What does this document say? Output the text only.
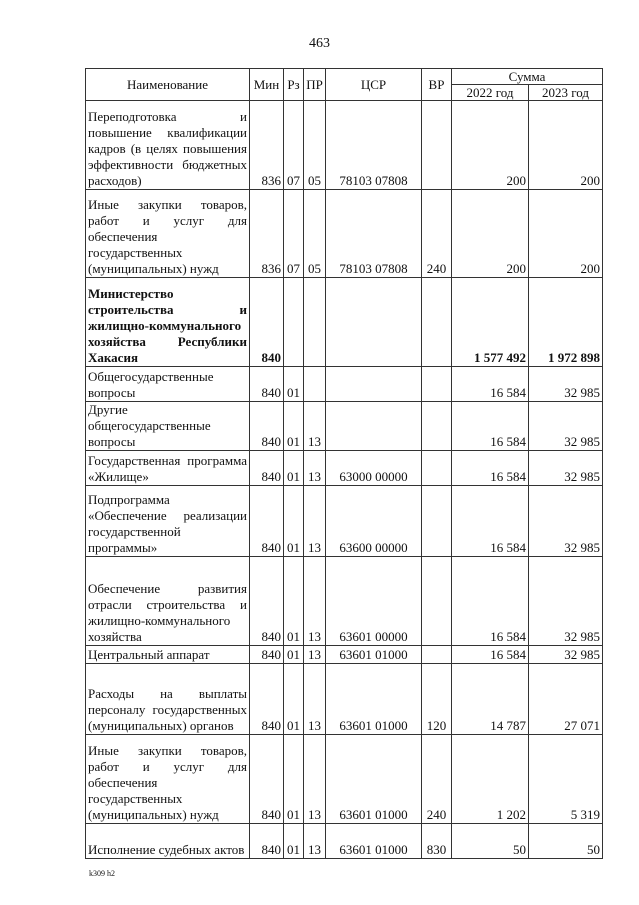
463
Наименование	Мин	Рз	ПР	ЦСР	ВР	Сумма	
						2022 год	2023 год
Переподготовка и повышение квалификации кадров (в целях повышения эффективности бюджетных расходов)	836	07	05	78103 07808		200	200
Иные закупки товаров, работ и услуг для обеспечения государственных (муниципальных) нужд	836	07	05	78103 07808	240	200	200
Министерство строительства и жилищно-коммунального хозяйства Республики Хакасия	840					1 577 492	1 972 898
Общегосударственные вопросы	840	01				16 584	32 985
Другие общегосударственные вопросы	840	01	13			16 584	32 985
Государственная программа «Жилище»	840	01	13	63000 00000		16 584	32 985
Подпрограмма «Обеспечение реализации государственной программы»	840	01	13	63600 00000		16 584	32 985
Обеспечение развития отрасли строительства и жилищно-коммунального хозяйства	840	01	13	63601 00000		16 584	32 985
Центральный аппарат	840	01	13	63601 01000		16 584	32 985
Расходы на выплаты персоналу государственных (муниципальных) органов	840	01	13	63601 01000	120	14 787	27 071
Иные закупки товаров, работ и услуг для обеспечения государственных (муниципальных) нужд	840	01	13	63601 01000	240	1 202	5 319
Исполнение судебных актов	840	01	13	63601 01000	830	50	50
k309 h2
